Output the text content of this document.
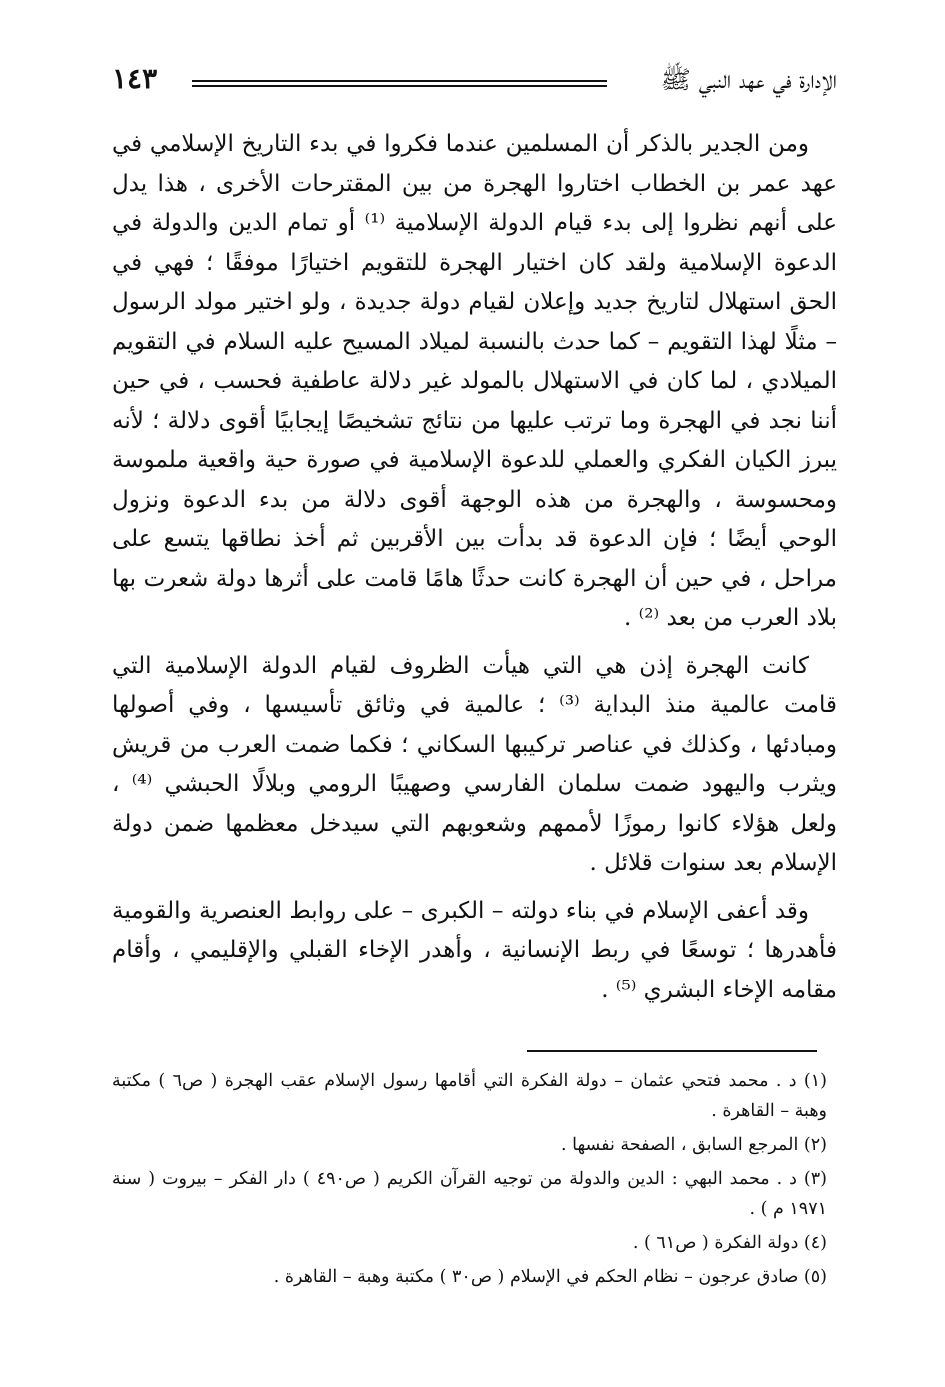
الإدارة في عهد النبي ﷺ
١٤٣

ومن الجدير بالذكر أن المسلمين عندما فكروا في بدء التاريخ الإسلامي في عهد عمر بن الخطاب اختاروا الهجرة من بين المقترحات الأخرى ، هذا يدل على أنهم نظروا إلى بدء قيام الدولة الإسلامية ⁽¹⁾ أو تمام الدين والدولة في الدعوة الإسلامية ولقد كان اختيار الهجرة للتقويم اختيارًا موفقًا ؛ فهي في الحق استهلال لتاريخ جديد وإعلان لقيام دولة جديدة ، ولو اختير مولد الرسول – مثلًا لهذا التقويم – كما حدث بالنسبة لميلاد المسيح عليه السلام في التقويم الميلادي ، لما كان في الاستهلال بالمولد غير دلالة عاطفية فحسب ، في حين أننا نجد في الهجرة وما ترتب عليها من نتائج تشخيصًا إيجابيًا أقوى دلالة ؛ لأنه يبرز الكيان الفكري والعملي للدعوة الإسلامية في صورة حية واقعية ملموسة ومحسوسة ، والهجرة من هذه الوجهة أقوى دلالة من بدء الدعوة ونزول الوحي أيضًا ؛ فإن الدعوة قد بدأت بين الأقربين ثم أخذ نطاقها يتسع على مراحل ، في حين أن الهجرة كانت حدثًا هامًا قامت على أثرها دولة شعرت بها بلاد العرب من بعد ⁽²⁾ .

كانت الهجرة إذن هي التي هيأت الظروف لقيام الدولة الإسلامية التي قامت عالمية منذ البداية ⁽³⁾ ؛ عالمية في وثائق تأسيسها ، وفي أصولها ومبادئها ، وكذلك في عناصر تركيبها السكاني ؛ فكما ضمت العرب من قريش ويثرب واليهود ضمت سلمان الفارسي وصهيبًا الرومي وبلالًا الحبشي ⁽⁴⁾ ، ولعل هؤلاء كانوا رموزًا لأممهم وشعوبهم التي سيدخل معظمها ضمن دولة الإسلام بعد سنوات قلائل .

وقد أعفى الإسلام في بناء دولته – الكبرى – على روابط العنصرية والقومية فأهدرها ؛ توسعًا في ربط الإنسانية ، وأهدر الإخاء القبلي والإقليمي ، وأقام مقامه الإخاء البشري ⁽⁵⁾ .

(١) د . محمد فتحي عثمان – دولة الفكرة التي أقامها رسول الإسلام عقب الهجرة ( ص٦ ) مكتبة وهبة – القاهرة .

(٢) المرجع السابق ، الصفحة نفسها .

(٣) د . محمد البهي : الدين والدولة من توجيه القرآن الكريم ( ص٤٩٠ ) دار الفكر – بيروت ( سنة ١٩٧١ م ) .

(٤) دولة الفكرة ( ص٦١ ) .

(٥) صادق عرجون – نظام الحكم في الإسلام ( ص٣٠ ) مكتبة وهبة – القاهرة .
